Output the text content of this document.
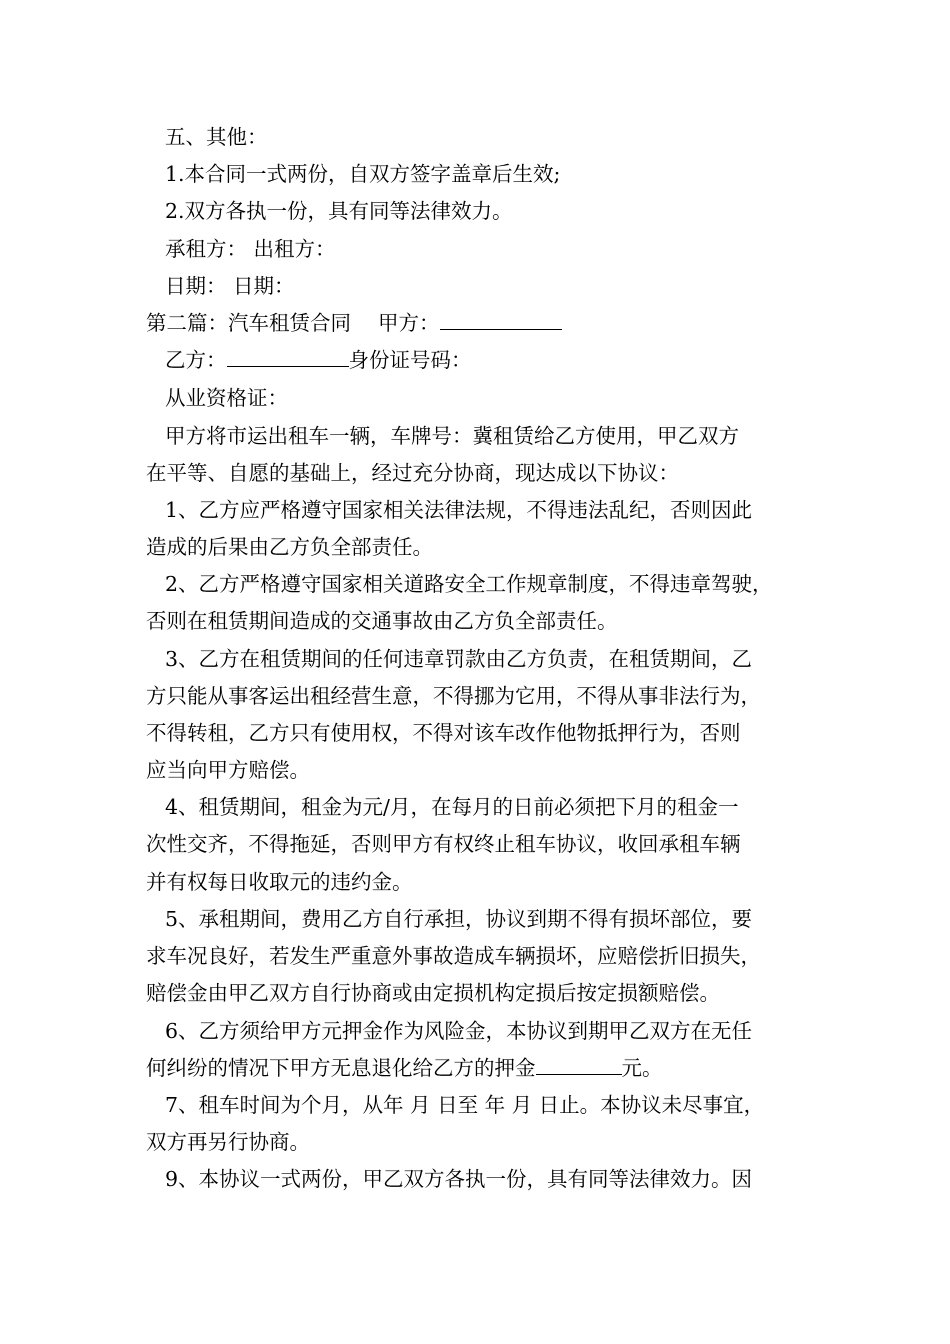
五、其他：
1.本合同一式两份，自双方签字盖章后生效;
2.双方各执一份，具有同等法律效力。
承租方： 出租方：
日期： 日期：
第二篇：汽车租赁合同　 甲方：
乙方：	身份证号码：
从业资格证：
甲方将市运出租车一辆，车牌号：冀租赁给乙方使用，甲乙双方
在平等、自愿的基础上，经过充分协商，现达成以下协议：
1、乙方应严格遵守国家相关法律法规，不得违法乱纪，否则因此
造成的后果由乙方负全部责任。
2、乙方严格遵守国家相关道路安全工作规章制度，不得违章驾驶，
否则在租赁期间造成的交通事故由乙方负全部责任。
3、乙方在租赁期间的任何违章罚款由乙方负责，在租赁期间，乙
方只能从事客运出租经营生意，不得挪为它用，不得从事非法行为，
不得转租，乙方只有使用权，不得对该车改作他物抵押行为，否则
应当向甲方赔偿。
4、租赁期间，租金为元/月，在每月的日前必须把下月的租金一
次性交齐，不得拖延，否则甲方有权终止租车协议，收回承租车辆
并有权每日收取元的违约金。
5、承租期间，费用乙方自行承担，协议到期不得有损坏部位，要
求车况良好，若发生严重意外事故造成车辆损坏，应赔偿折旧损失，
赔偿金由甲乙双方自行协商或由定损机构定损后按定损额赔偿。
6、乙方须给甲方元押金作为风险金，本协议到期甲乙双方在无任
何纠纷的情况下甲方无息退化给乙方的押金	元。
7、租车时间为个月，从年 月 日至 年 月 日止。本协议未尽事宜，
双方再另行协商。
9、本协议一式两份，甲乙双方各执一份，具有同等法律效力。因
